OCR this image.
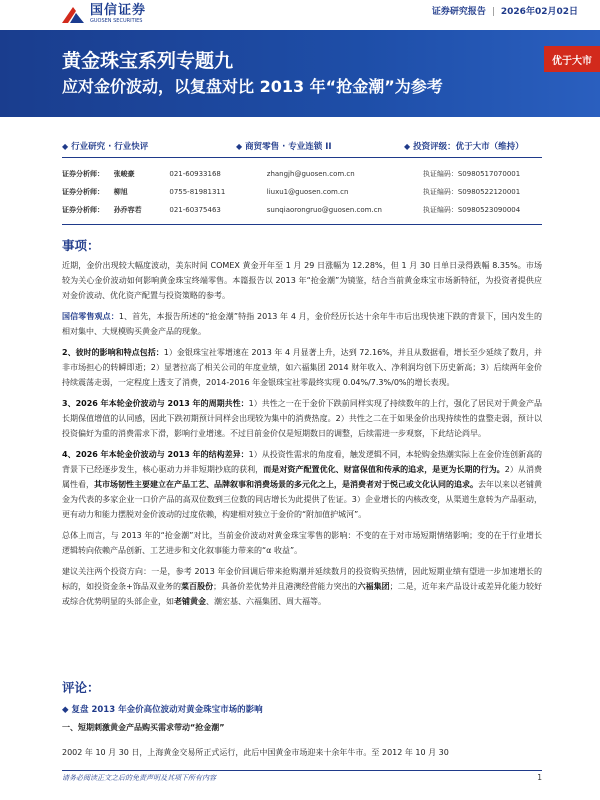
国信证券
GUOSEN SECURITIES
证券研究报告 | 2026年02月02日
黄金珠宝系列专题九
应对金价波动，以复盘对比 2013 年“抢金潮”为参考
优于大市
◆ 行业研究 · 行业快评	◆ 商贸零售 · 专业连锁 II	◆ 投资评级：优于大市（维持）
证券分析师：	张峻豪	021-60933168	zhangjh@guosen.com.cn	执证编码：S0980517070001
证券分析师：	柳旭	0755-81981311	liuxu1@guosen.com.cn	执证编码：S0980522120001
证券分析师：	孙乔容若	021-60375463	sunqiaorongruo@guosen.com.cn	执证编码：S0980523090004
事项：

近期，金价出现较大幅度波动，美东时间 COMEX 黄金开年至 1 月 29 日涨幅为 12.28%，但 1 月 30 日单日录得跌幅 8.35%。市场较为关心金价波动如何影响黄金珠宝终端零售。本篇报告以 2013 年“抢金潮”为镜鉴，结合当前黄金珠宝市场新特征，为投资者提供应对金价波动、优化资产配置与投资策略的参考。

国信零售观点：1、首先，本报告所述的“抢金潮”特指 2013 年 4 月，金价经历长达十余年牛市后出现快速下跌的背景下，国内发生的相对集中、大规模购买黄金产品的现象。

2、彼时的影响和特点包括：1）金银珠宝社零增速在 2013 年 4 月显著上升，达到 72.16%，并且从数据看，增长至少延续了数月，并非市场担心的转瞬即逝；2）显著拉高了相关公司的年度业绩，如六福集团 2014 财年收入、净利润均创下历史新高；3）后续两年金价持续震荡走弱，一定程度上透支了消费，2014-2016 年金银珠宝社零最终实现 0.04%/7.3%/0%的增长表现。

3、2026 年本轮金价波动与 2013 年的周期共性：1）共性之一在于金价下跌前同样实现了持续数年的上行，强化了居民对于黄金产品长期保值增值的认同感，因此下跌初期预计同样会出现较为集中的消费热度。2）共性之二在于如果金价出现持续性的盘整走弱，预计以投资偏好为重的消费需求下滑，影响行业增速。不过目前金价仅是短期数日的调整，后续需进一步观察，下此结论尚早。

4、2026 年本轮金价波动与 2013 年的结构差异：1）从投资性需求的角度看，触发逻辑不同，本轮购金热潮实际上在金价连创新高的背景下已经逐步发生，核心驱动力并非短期抄底的获利，而是对资产配置优化、财富保值和传承的追求，是更为长期的行为。2）从消费属性看，其市场韧性主要建立在产品工艺、品牌叙事和消费场景的多元化之上，是消费者对于悦己或文化认同的追求。去年以来以老铺黄金为代表的多家企业一口价产品的高双位数到三位数的同店增长为此提供了佐证。3）企业增长的内核改变，从渠道生意转为产品驱动，更有动力和能力摆脱对金价波动的过度依赖，构建相对独立于金价的“附加值护城河”。

总体上而言，与 2013 年的“抢金潮”对比，当前金价波动对黄金珠宝零售的影响：不变的在于对市场短期情绪影响；变的在于行业增长逻辑转向依赖产品创新、工艺进步和文化叙事能力带来的“α 收益”。

建议关注两个投资方向：一是，参考 2013 年金价回调后带来抢购潮并延续数月的投资购买热情，因此短期业绩有望进一步加速增长的标的，如投资金条+饰品双业务的菜百股份；具备价差优势并且港澳经营能力突出的六福集团；二是，近年来产品设计或差异化能力较好或综合优势明显的头部企业，如老铺黄金、潮宏基、六福集团、周大福等。

评论：
◆ 复盘 2013 年金价高位波动对黄金珠宝市场的影响
一、短期刺激黄金产品购买需求带动“抢金潮”

2002 年 10 月 30 日，上海黄金交易所正式运行，此后中国黄金市场迎来十余年牛市。至 2012 年 10 月 30

请务必阅读正文之后的免责声明及其项下所有内容	1
